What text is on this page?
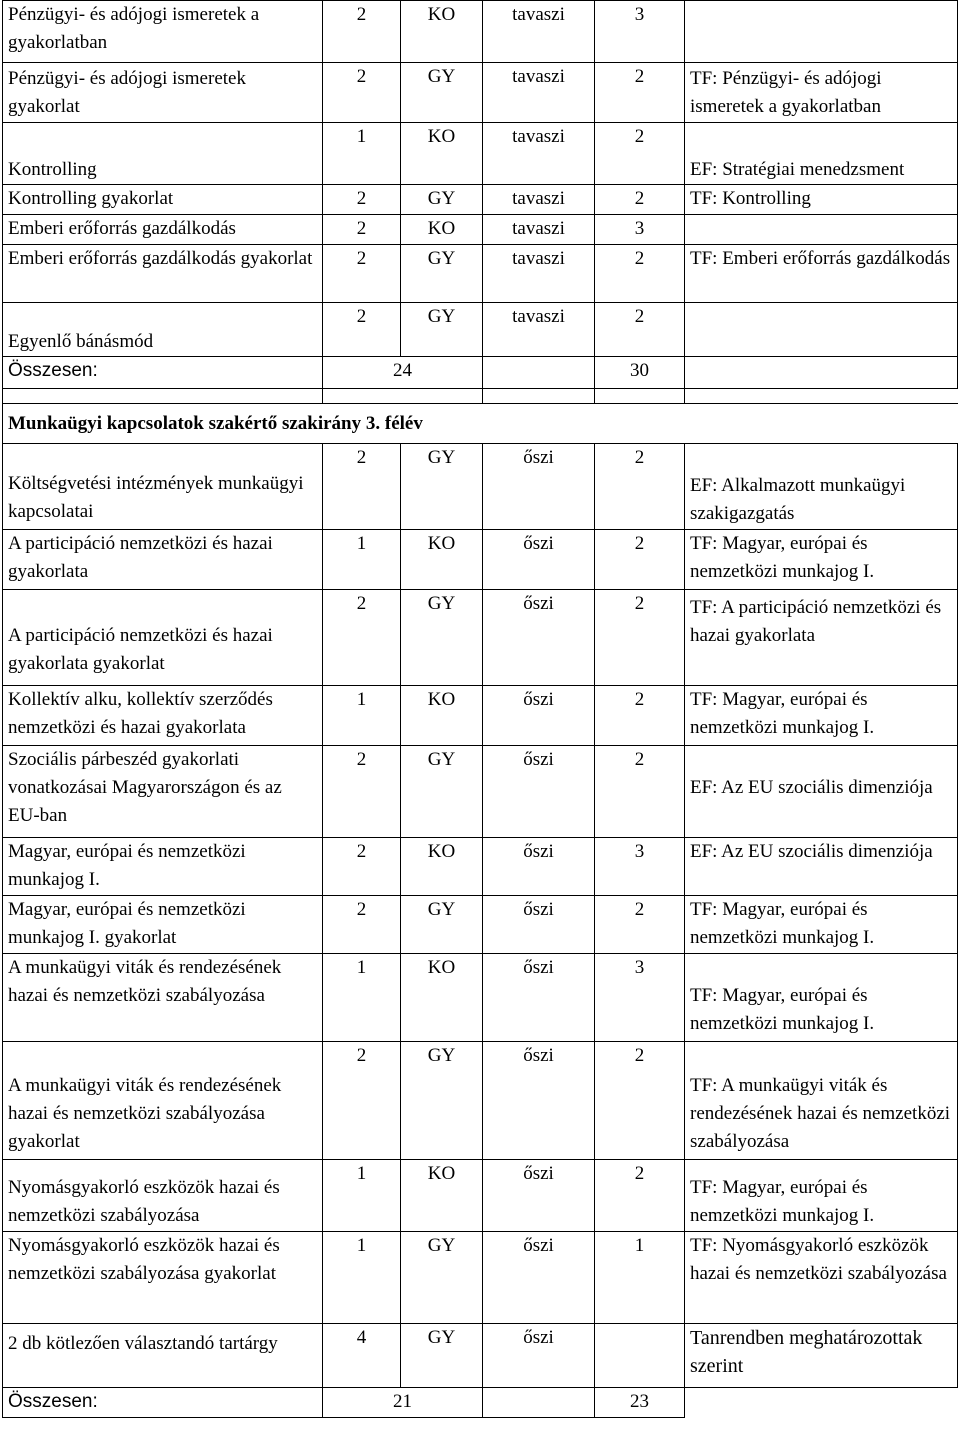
Pénzügyi- és adójogi ismeretek a gyakorlatban	2	KO	tavaszi	3	
Pénzügyi- és adójogi ismeretek gyakorlat	2	GY	tavaszi	2	TF: Pénzügyi- és adójogi ismeretek a gyakorlatban
Kontrolling	1	KO	tavaszi	2	EF: Stratégiai menedzsment
Kontrolling gyakorlat	2	GY	tavaszi	2	TF: Kontrolling
Emberi erőforrás gazdálkodás	2	KO	tavaszi	3	
Emberi erőforrás gazdálkodás gyakorlat	2	GY	tavaszi	2	TF: Emberi erőforrás gazdálkodás
Egyenlő bánásmód	2	GY	tavaszi	2	
Összesen:	24			30	

Munkaügyi kapcsolatok szakértő szakirány 3. félév					
Költségvetési intézmények munkaügyi kapcsolatai	2	GY	őszi	2	EF: Alkalmazott munkaügyi szakigazgatás
A participáció nemzetközi és hazai gyakorlata	1	KO	őszi	2	TF: Magyar, európai és nemzetközi munkajog I.
A participáció nemzetközi és hazai gyakorlata gyakorlat	2	GY	őszi	2	TF: A participáció nemzetközi és hazai gyakorlata
Kollektív alku, kollektív szerződés nemzetközi és hazai gyakorlata	1	KO	őszi	2	TF: Magyar, európai és nemzetközi munkajog I.
Szociális párbeszéd gyakorlati vonatkozásai Magyarországon és az EU-ban	2	GY	őszi	2	EF: Az EU szociális dimenziója
Magyar, európai és nemzetközi munkajog I.	2	KO	őszi	3	EF: Az EU szociális dimenziója
Magyar, európai és nemzetközi munkajog I. gyakorlat	2	GY	őszi	2	TF: Magyar, európai és nemzetközi munkajog I.
A munkaügyi viták és rendezésének hazai és nemzetközi szabályozása	1	KO	őszi	3	TF: Magyar, európai és nemzetközi munkajog I.
A munkaügyi viták és rendezésének hazai és nemzetközi szabályozása gyakorlat	2	GY	őszi	2	TF: A munkaügyi viták és rendezésének hazai és nemzetközi szabályozása
Nyomásgyakorló eszközök hazai és nemzetközi szabályozása	1	KO	őszi	2	TF: Magyar, európai és nemzetközi munkajog I.
Nyomásgyakorló eszközök hazai és nemzetközi szabályozása gyakorlat	1	GY	őszi	1	TF: Nyomásgyakorló eszközök hazai és nemzetközi szabályozása
2 db kötlezően választandó tartárgy	4	GY	őszi		Tanrendben meghatározottak szerint
Összesen:	21			23	
